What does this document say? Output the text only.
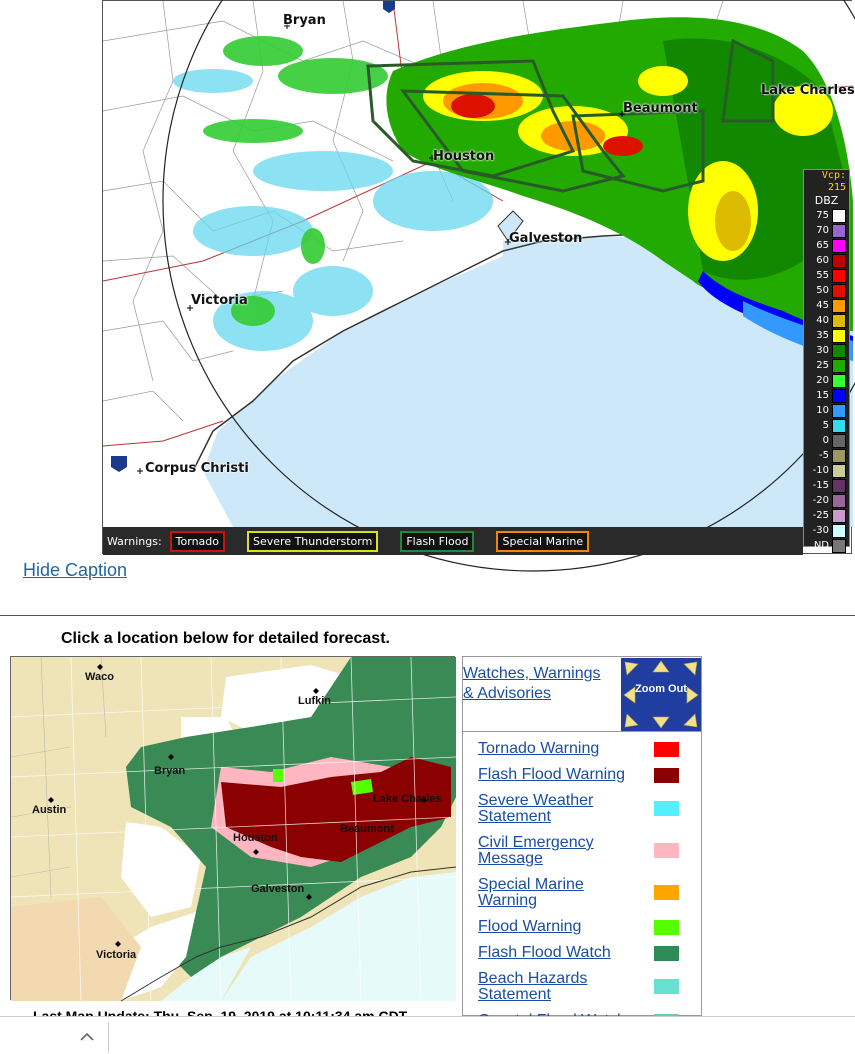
Bryan
Lake Charles
Beaumont
Houston
Galveston
Victoria
Corpus Christi
Vcp: 215
DBZ
75
70
65
60
55
50
45
40
35
30
25
20
15
10
5
0
-5
-10
-15
-20
-25
-30
ND
Warnings:	Tornado	Severe Thunderstorm	Flash Flood	Special Marine
Hide Caption
Click a location below for detailed forecast.
Waco
Lufkin
Bryan
Austin
Lake Charles
Beaumont
Houston
Galveston
Victoria
Watches, Warnings & Advisories	Zoom Out
Tornado Warning
Flash Flood Warning
Severe Weather Statement
Civil Emergency Message
Special Marine Warning
Flood Warning
Flash Flood Watch
Beach Hazards Statement
